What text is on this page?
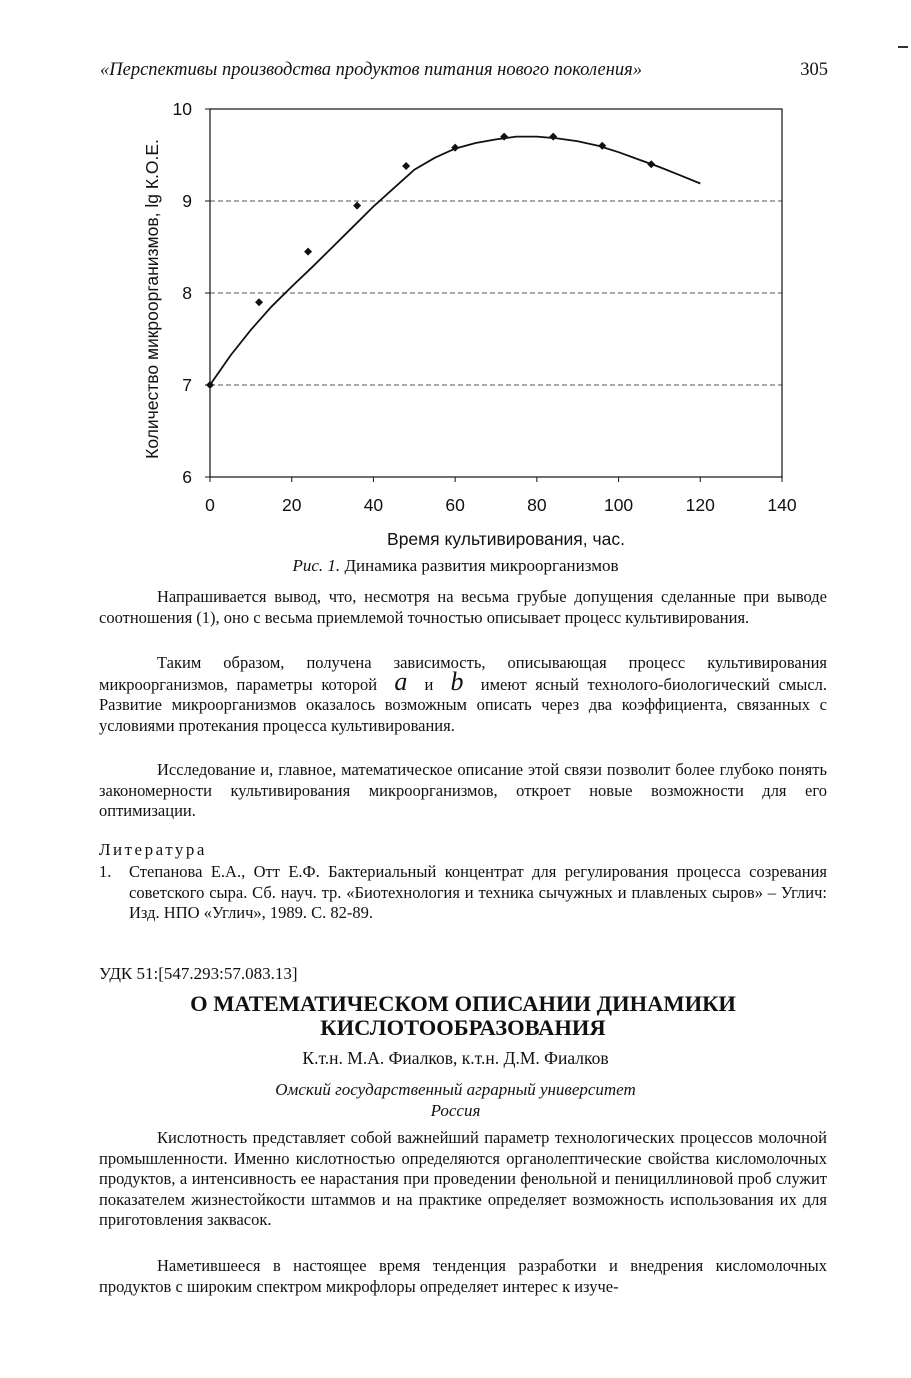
«Перспективы производства продуктов питания нового поколения»	305
6
7
8
9
10
0	20	40	60	80	100	120	140
Время культивирования, час.
Количество микроорганизмов, lg К.О.Е.
Рис. 1. Динамика развития микроорганизмов

Напрашивается вывод, что, несмотря на весьма грубые допущения сделанные при выводе соотношения (1), оно с весьма приемлемой точностью описывает процесс культивирования.

Таким образом, получена зависимость, описывающая процесс культивирования микроорганизмов, параметры которой a и b имеют ясный технолого-биологический смысл. Развитие микроорганизмов оказалось возможным описать через два коэффициента, связанных с условиями протекания процесса культивирования.

Исследование и, главное, математическое описание этой связи позволит более глубоко понять закономерности культивирования микроорганизмов, откроет новые возможности для его оптимизации.

Литература
1. Степанова Е.А., Отт Е.Ф. Бактериальный концентрат для регулирования процесса созревания советского сыра. Сб. науч. тр. «Биотехнология и техника сычужных и плавленых сыров» – Углич: Изд. НПО «Углич», 1989. С. 82-89.
УДК 51:[547.293:57.083.13]
О МАТЕМАТИЧЕСКОМ ОПИСАНИИ ДИНАМИКИ
КИСЛОТООБРАЗОВАНИЯ
К.т.н. М.А. Фиалков, к.т.н. Д.М. Фиалков
Омский государственный аграрный университет
Россия

Кислотность представляет собой важнейший параметр технологических процессов молочной промышленности. Именно кислотностью определяются органолептические свойства кисломолочных продуктов, а интенсивность ее нарастания при проведении фенольной и пенициллиновой проб служит показателем жизнестойкости штаммов и на практике определяет возможность использования их для приготовления заквасок.

Наметившееся в настоящее время тенденция разработки и внедрения кисломолочных продуктов с широким спектром микрофлоры определяет интерес к изуче-
